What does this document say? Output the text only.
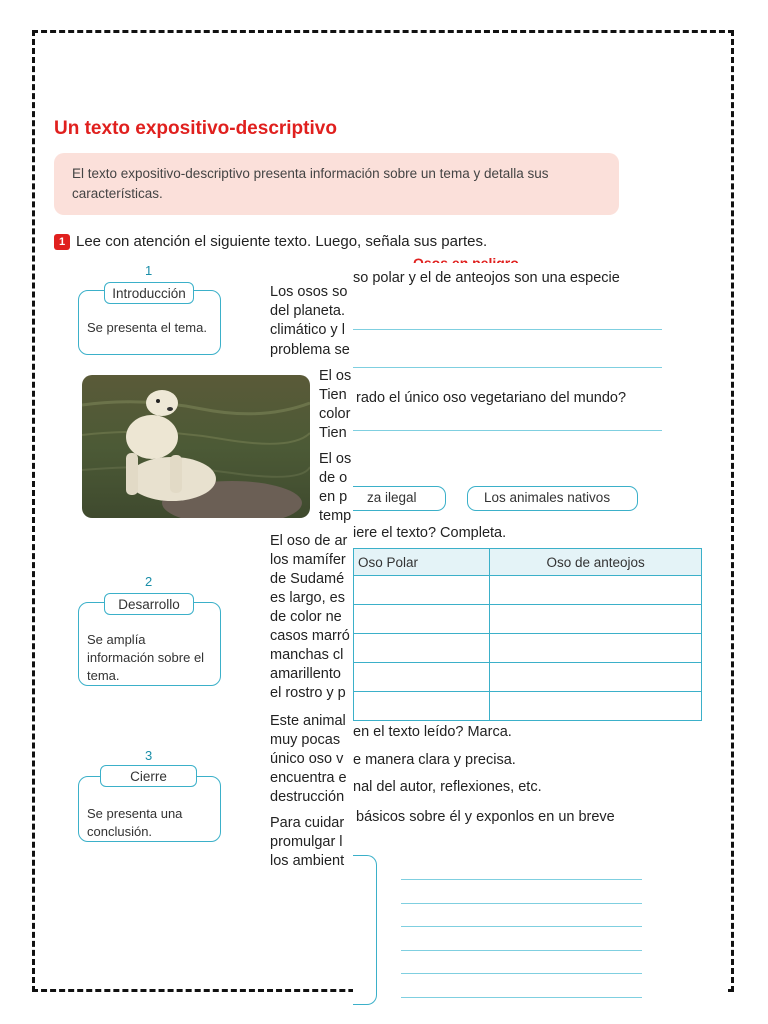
Un texto expositivo-descriptivo
El texto expositivo-descriptivo presenta información sobre un tema y detalla sus características.
1 Lee con atención el siguiente texto. Luego, señala sus partes.
1
Se presenta el tema.
Introducción
2
Se amplía información sobre el tema.
Desarrollo
3
Se presenta una conclusión.
Cierre
Los osos so
del planeta.
climático y l
problema se
El os
Tien
color
Tien
El os
de o
en p
temp
El oso de ar
los mamífer
de Sudamé
es largo, es
de color ne
casos marró
manchas cl
amarillento
el rostro y p
Este animal
muy pocas
único oso v
encuentra e
destrucción
Para cuidar
promulgar l
los ambient
so polar y el de anteojos son una especie
rado el único oso vegetariano del mundo?
za ilegal	Los animales nativos
iere el texto? Completa.
Oso Polar	Oso de anteojos

en el texto leído? Marca.
e manera clara y precisa.
nal del autor, reflexiones, etc.
básicos sobre él y exponlos en un breve
